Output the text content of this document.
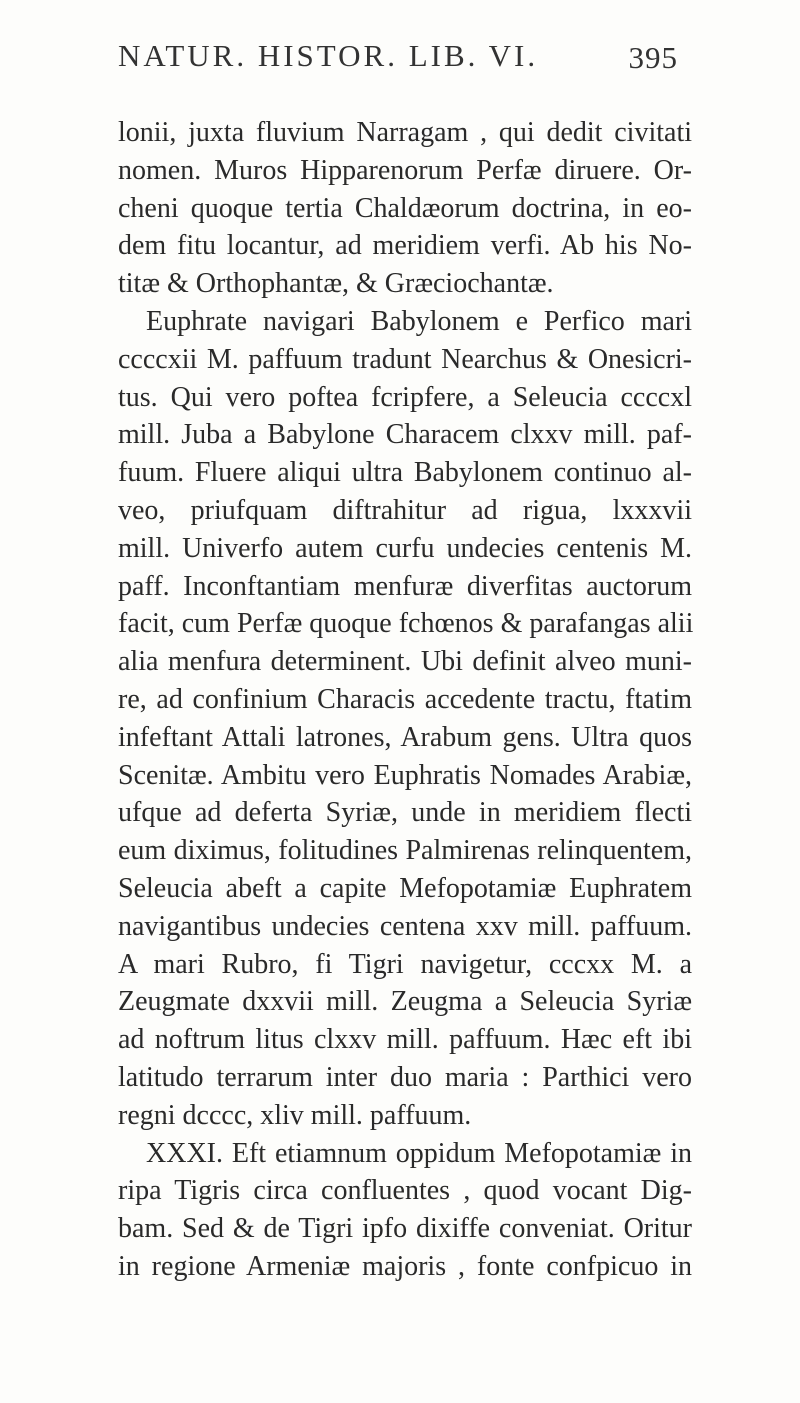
NATUR. HISTOR. LIB. VI.	395
lonii, juxta fluvium Narragam , qui dedit civitati
nomen. Muros Hipparenorum Perfæ diruere. Or-
cheni quoque tertia Chaldæorum doctrina, in eo-
dem fitu locantur, ad meridiem verfi. Ab his No-
titæ & Orthophantæ, & Græciochantæ.
Euphrate navigari Babylonem e Perfico mari
ccccxii M. paffuum tradunt Nearchus & Onesicri-
tus. Qui vero poftea fcripfere, a Seleucia ccccxl
mill. Juba a Babylone Characem clxxv mill. paf-
fuum. Fluere aliqui ultra Babylonem continuo al-
veo, priufquam diftrahitur ad rigua, lxxxvii
mill. Univerfo autem curfu undecies centenis M.
paff. Inconftantiam menfuræ diverfitas auctorum
facit, cum Perfæ quoque fchœnos & parafangas alii
alia menfura determinent. Ubi definit alveo muni-
re, ad confinium Characis accedente tractu, ftatim
infeftant Attali latrones, Arabum gens. Ultra quos
Scenitæ. Ambitu vero Euphratis Nomades Arabiæ,
ufque ad deferta Syriæ, unde in meridiem flecti
eum diximus, folitudines Palmirenas relinquentem,
Seleucia abeft a capite Mefopotamiæ Euphratem
navigantibus undecies centena xxv mill. paffuum.
A mari Rubro, fi Tigri navigetur, cccxx M. a
Zeugmate dxxvii mill. Zeugma a Seleucia Syriæ
ad noftrum litus clxxv mill. paffuum. Hæc eft ibi
latitudo terrarum inter duo maria : Parthici vero
regni dcccc, xliv mill. paffuum.
XXXI. Eft etiamnum oppidum Mefopotamiæ in
ripa Tigris circa confluentes , quod vocant Dig-
bam. Sed & de Tigri ipfo dixiffe conveniat. Oritur
in regione Armeniæ majoris , fonte confpicuo in
